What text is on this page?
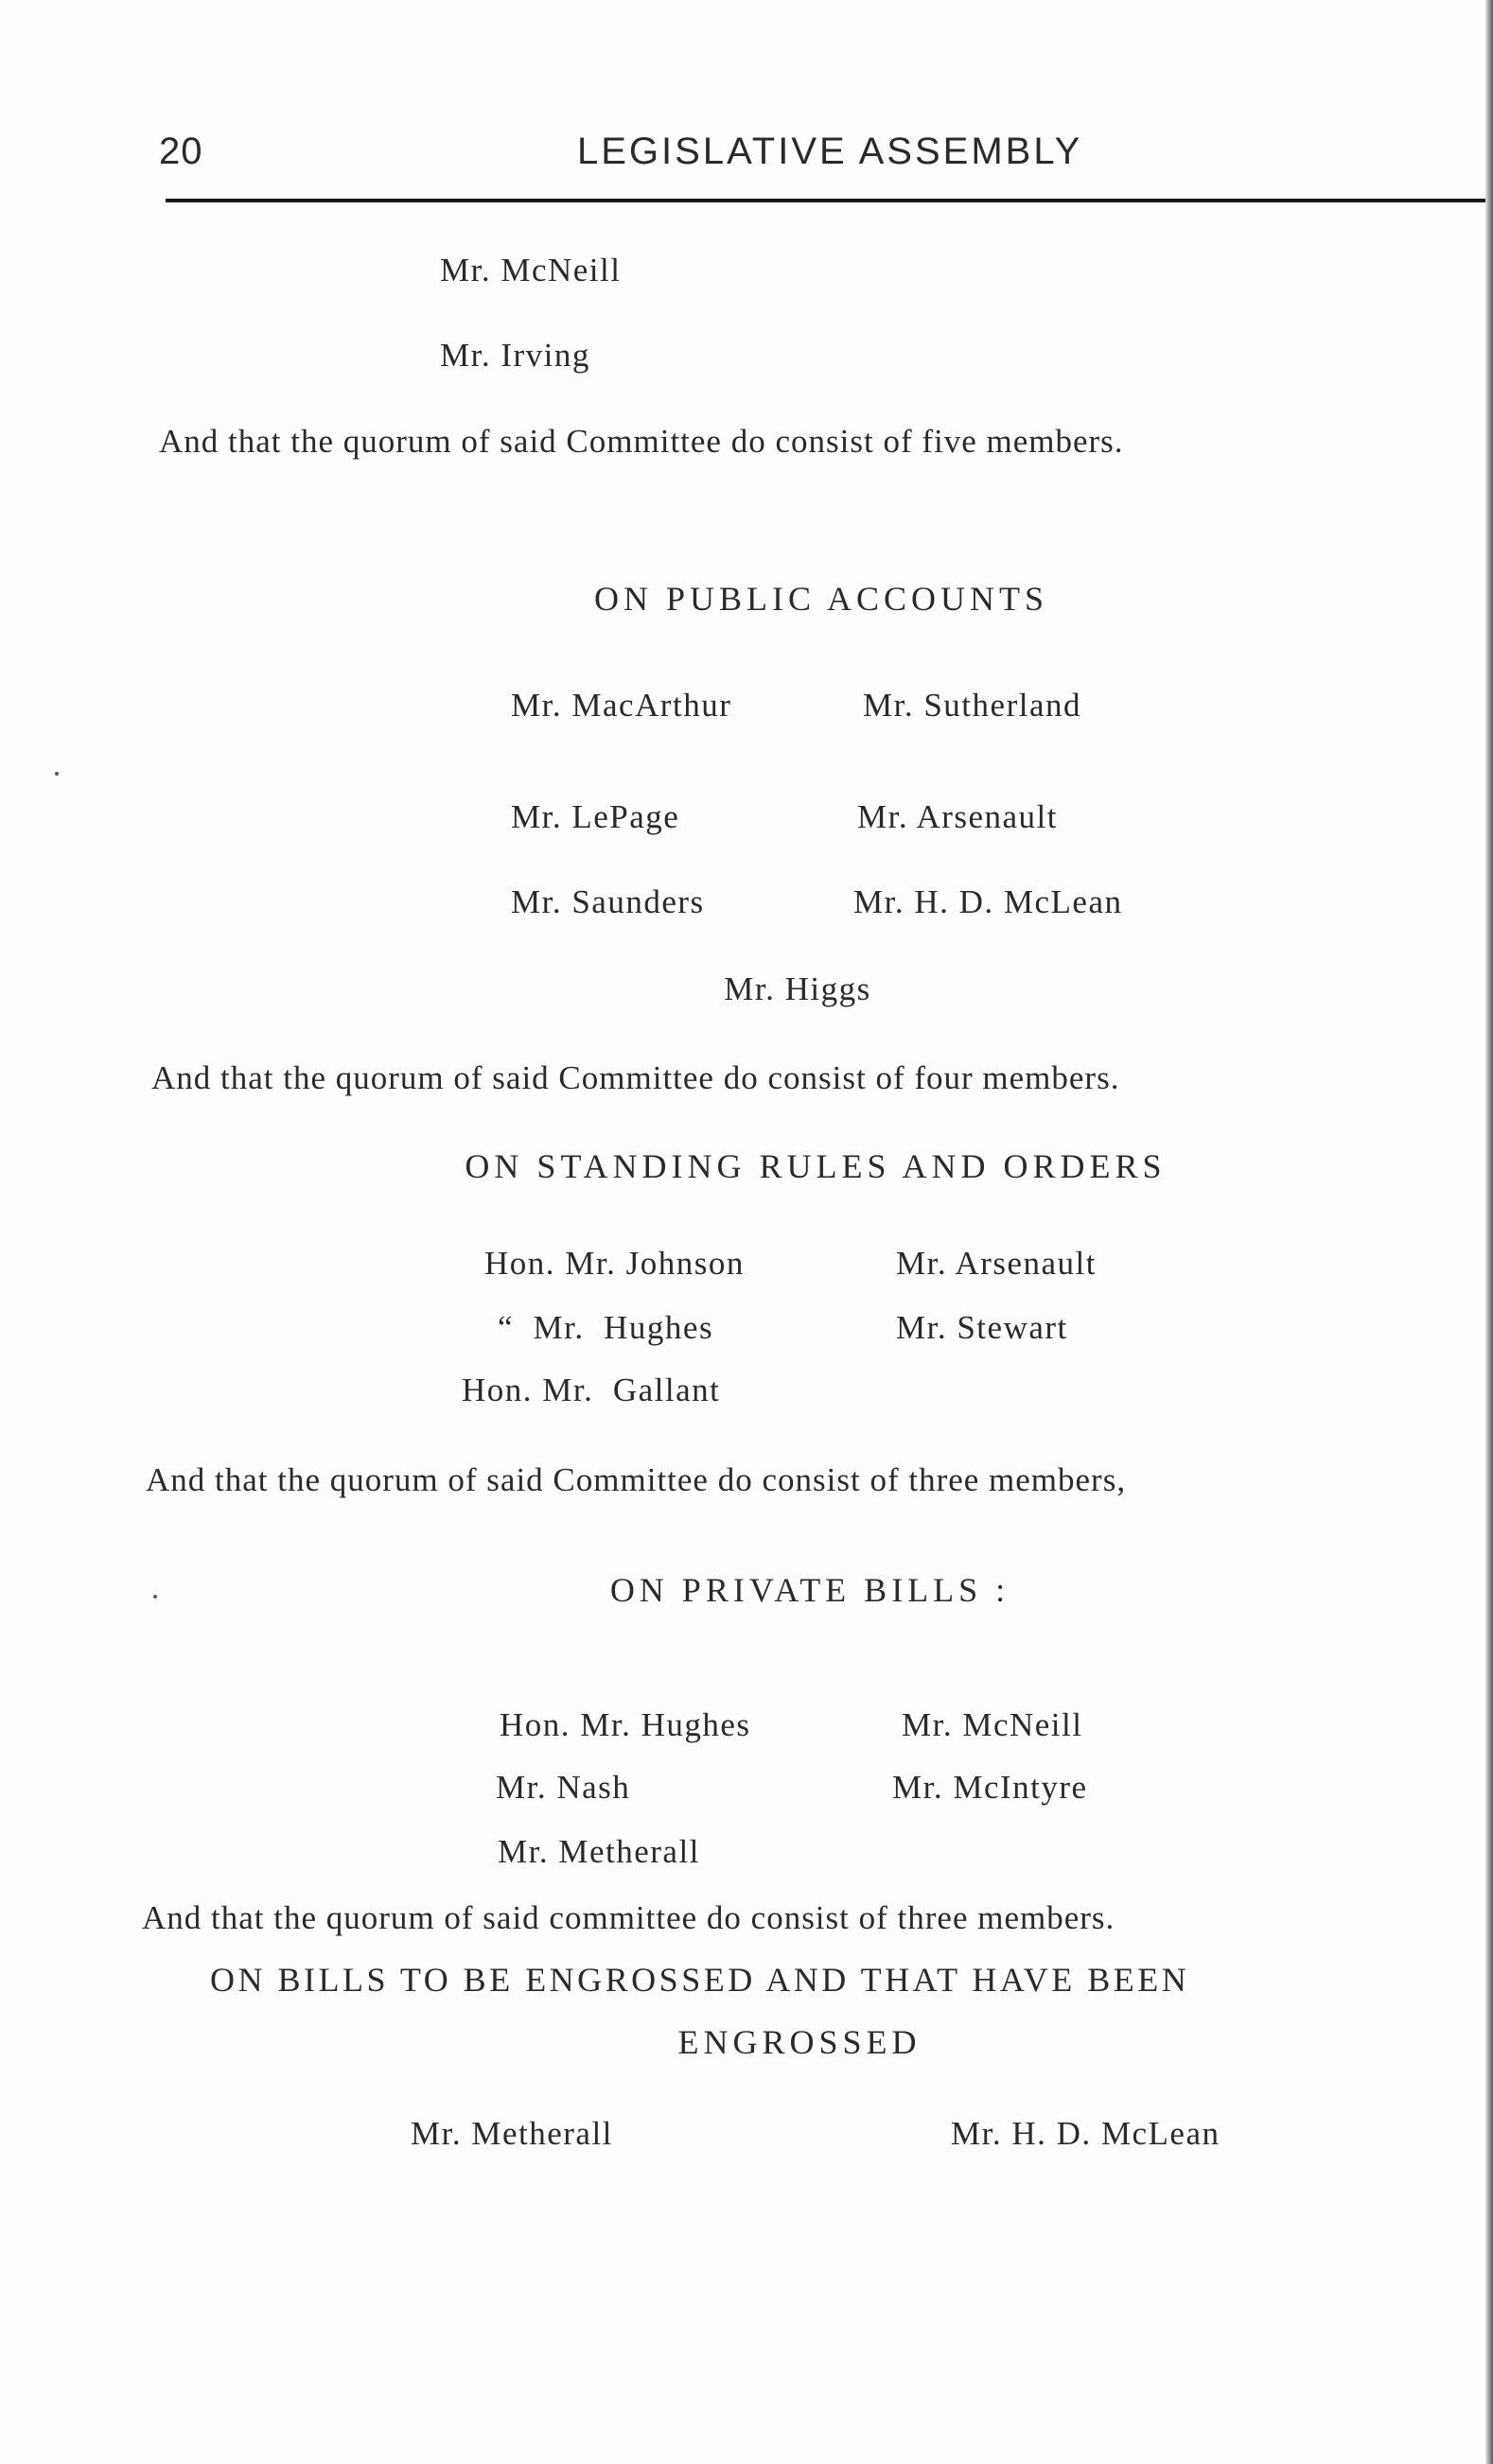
20	LEGISLATIVE ASSEMBLY
Mr. McNeill
Mr. Irving
And that the quorum of said Committee do consist of five members.
ON PUBLIC ACCOUNTS
Mr. MacArthur	Mr. Sutherland
Mr. LePage	Mr. Arsenault
Mr. Saunders	Mr. H. D. McLean
Mr. Higgs
And that the quorum of said Committee do consist of four members.
ON STANDING RULES AND ORDERS
Hon. Mr. Johnson	Mr. Arsenault
“  Mr.  Hughes	Mr. Stewart
Hon. Mr.  Gallant
And that the quorum of said Committee do consist of three members,
ON PRIVATE BILLS :
Hon. Mr. Hughes	Mr. McNeill
Mr. Nash	Mr. McIntyre
Mr. Metherall
And that the quorum of said committee do consist of three members.
ON BILLS TO BE ENGROSSED AND THAT HAVE BEEN
ENGROSSED
Mr. Metherall	Mr. H. D. McLean
